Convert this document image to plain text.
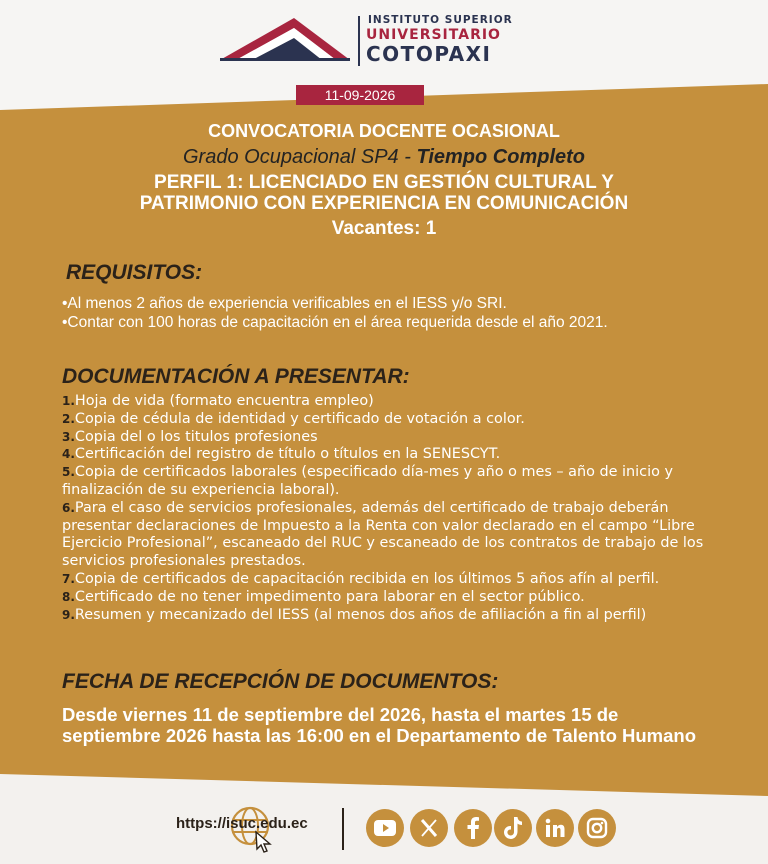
INSTITUTO SUPERIOR
UNIVERSITARIO
COTOPAXI
11-09-2026
CONVOCATORIA DOCENTE OCASIONAL
Grado Ocupacional SP4 - Tiempo Completo
PERFIL 1: LICENCIADO EN GESTIÓN CULTURAL Y
PATRIMONIO CON EXPERIENCIA EN COMUNICACIÓN
Vacantes: 1
REQUISITOS:
•Al menos 2 años de experiencia verificables en el IESS y/o SRI.
•Contar con 100 horas de capacitación en el área requerida desde el año 2021.
DOCUMENTACIÓN A PRESENTAR:

1.Hoja de vida (formato encuentra empleo)

2.Copia de cédula de identidad y certificado de votación a color.

3.Copia del o los titulos profesiones

4.Certificación del registro de título o títulos en la SENESCYT.

5.Copia de certificados laborales (especificado día-mes y año o mes – año de inicio y finalización de su experiencia laboral).

6.Para el caso de servicios profesionales, además del certificado de trabajo deberán presentar declaraciones de Impuesto a la Renta con valor declarado en el campo “Libre Ejercicio Profesional”, escaneado del RUC y escaneado de los contratos de trabajo de los servicios profesionales prestados.

7.Copia de certificados de capacitación recibida en los últimos 5 años afín al perfil.

8.Certificado de no tener impedimento para laborar en el sector público.

9.Resumen y mecanizado del IESS (al menos dos años de afiliación a fin al perfil)

FECHA DE RECEPCIÓN DE DOCUMENTOS:
Desde viernes 11 de septiembre del 2026, hasta el martes 15 de septiembre 2026 hasta las 16:00 en el Departamento de Talento Humano
https://isuc.edu.ec
